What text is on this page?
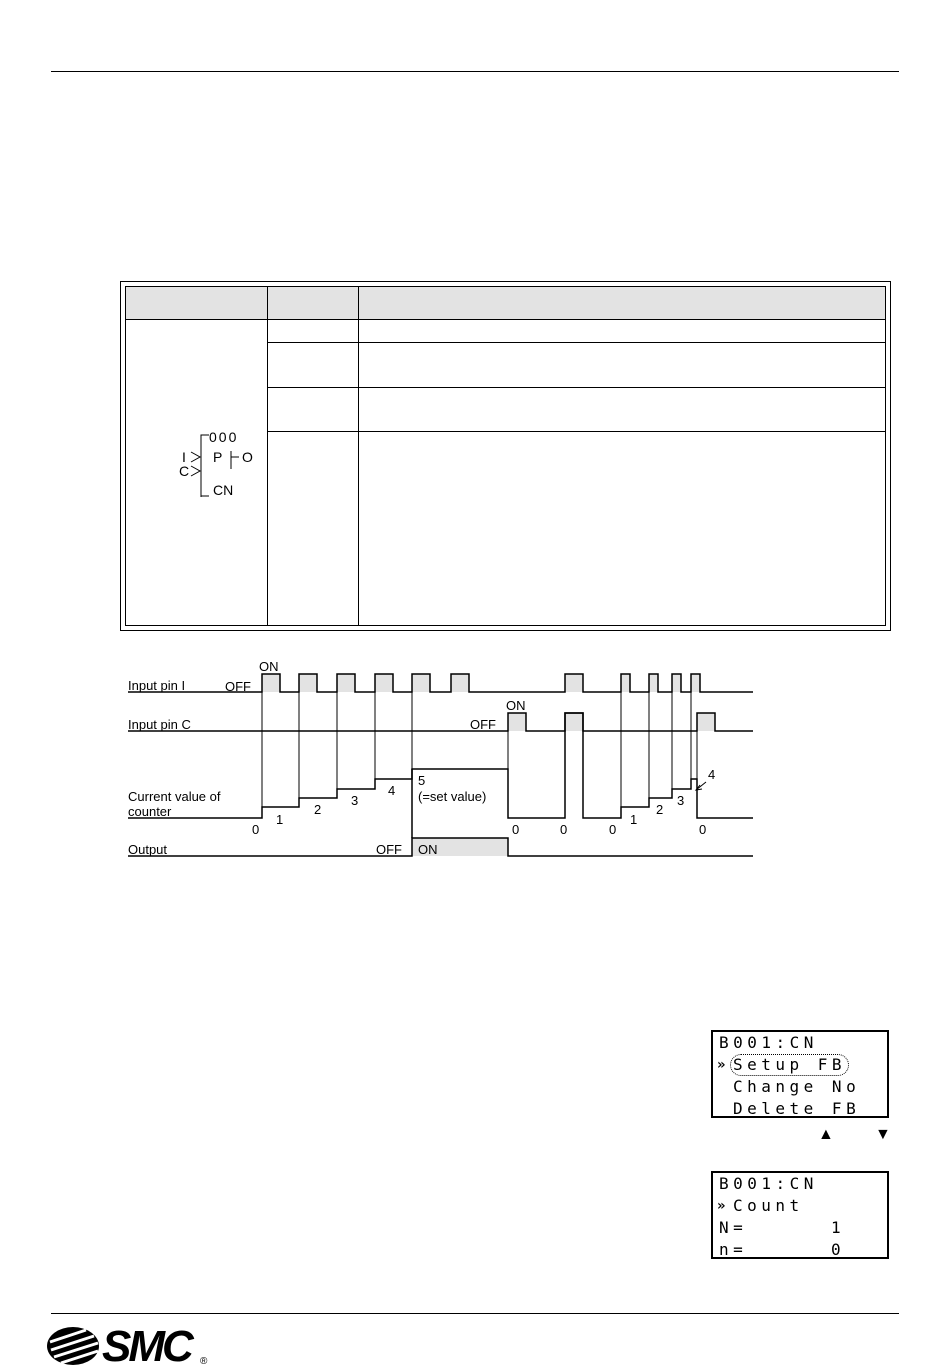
000
I
C
P O
CN
Input pin I
Input pin C
Current value of
counter
Output
ON
OFF
ON
OFF
OFF ON
0
1
2
3
4
5
(=set value)
0	0	0
1
2
3
0
4
B001:CN
» Setup FB
Change No
Delete FB
▲	▼
B001:CN
» Count
N=	1
n=	0
SMC ®
